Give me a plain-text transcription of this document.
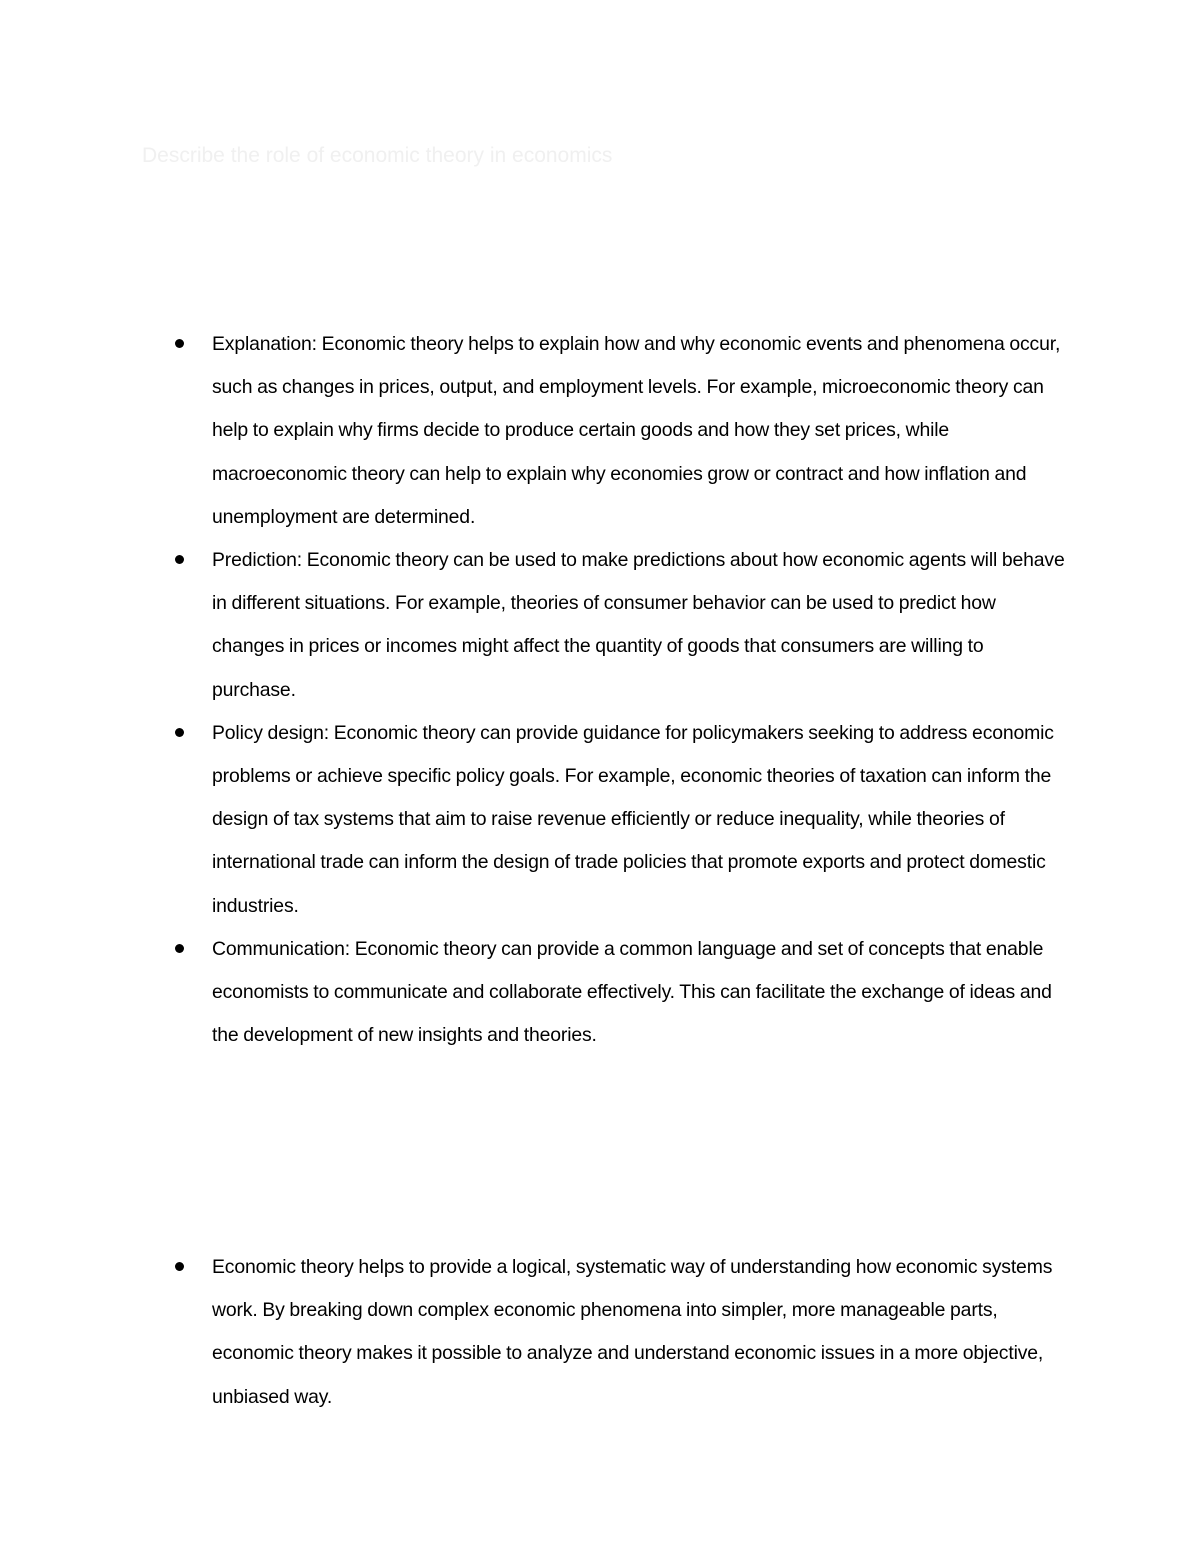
Describe the role of economic theory in economics
Explanation: Economic theory helps to explain how and why economic events and phenomena occur, such as changes in prices, output, and employment levels. For example, microeconomic theory can help to explain why firms decide to produce certain goods and how they set prices, while macroeconomic theory can help to explain why economies grow or contract and how inflation and unemployment are determined.
Prediction: Economic theory can be used to make predictions about how economic agents will behave in different situations. For example, theories of consumer behavior can be used to predict how changes in prices or incomes might affect the quantity of goods that consumers are willing to purchase.
Policy design: Economic theory can provide guidance for policymakers seeking to address economic problems or achieve specific policy goals. For example, economic theories of taxation can inform the design of tax systems that aim to raise revenue efficiently or reduce inequality, while theories of international trade can inform the design of trade policies that promote exports and protect domestic industries.
Communication: Economic theory can provide a common language and set of concepts that enable economists to communicate and collaborate effectively. This can facilitate the exchange of ideas and the development of new insights and theories.
Economic theory helps to provide a logical, systematic way of understanding how economic systems work. By breaking down complex economic phenomena into simpler, more manageable parts, economic theory makes it possible to analyze and understand economic issues in a more objective, unbiased way.
